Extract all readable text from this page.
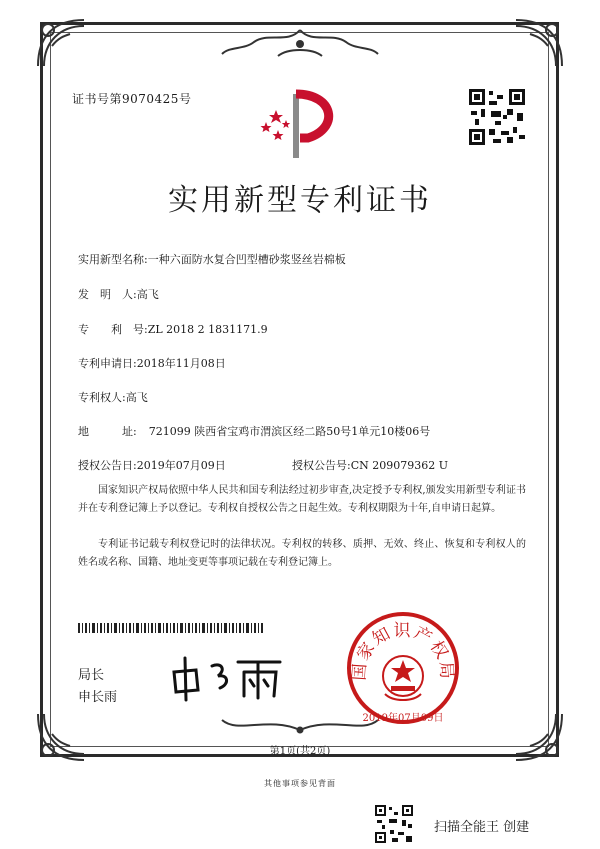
证书号第9070425号
实用新型专利证书
实用新型名称:一种六面防水复合凹型槽砂浆竖丝岩棉板
发　明　人:高飞
专　　利　号:ZL 2018 2 1831171.9
专利申请日:2018年11月08日
专利权人:高飞
地　　　址: 721099 陕西省宝鸡市渭滨区经二路50号1单元10楼06号
授权公告日:2019年07月09日	授权公告号:CN 209079362 U
国家知识产权局依照中华人民共和国专利法经过初步审查,决定授予专利权,颁发实用新型专利证书并在专利登记簿上予以登记。专利权自授权公告之日起生效。专利权期限为十年,自申请日起算。
专利证书记载专利权登记时的法律状况。专利权的转移、质押、无效、终止、恢复和专利权人的姓名或名称、国籍、地址变更等事项记载在专利登记簿上。
局长
申长雨
国家知识产权局
2019年07月09日
第1页(共2页)
其他事项参见背面
扫描全能王 创建
